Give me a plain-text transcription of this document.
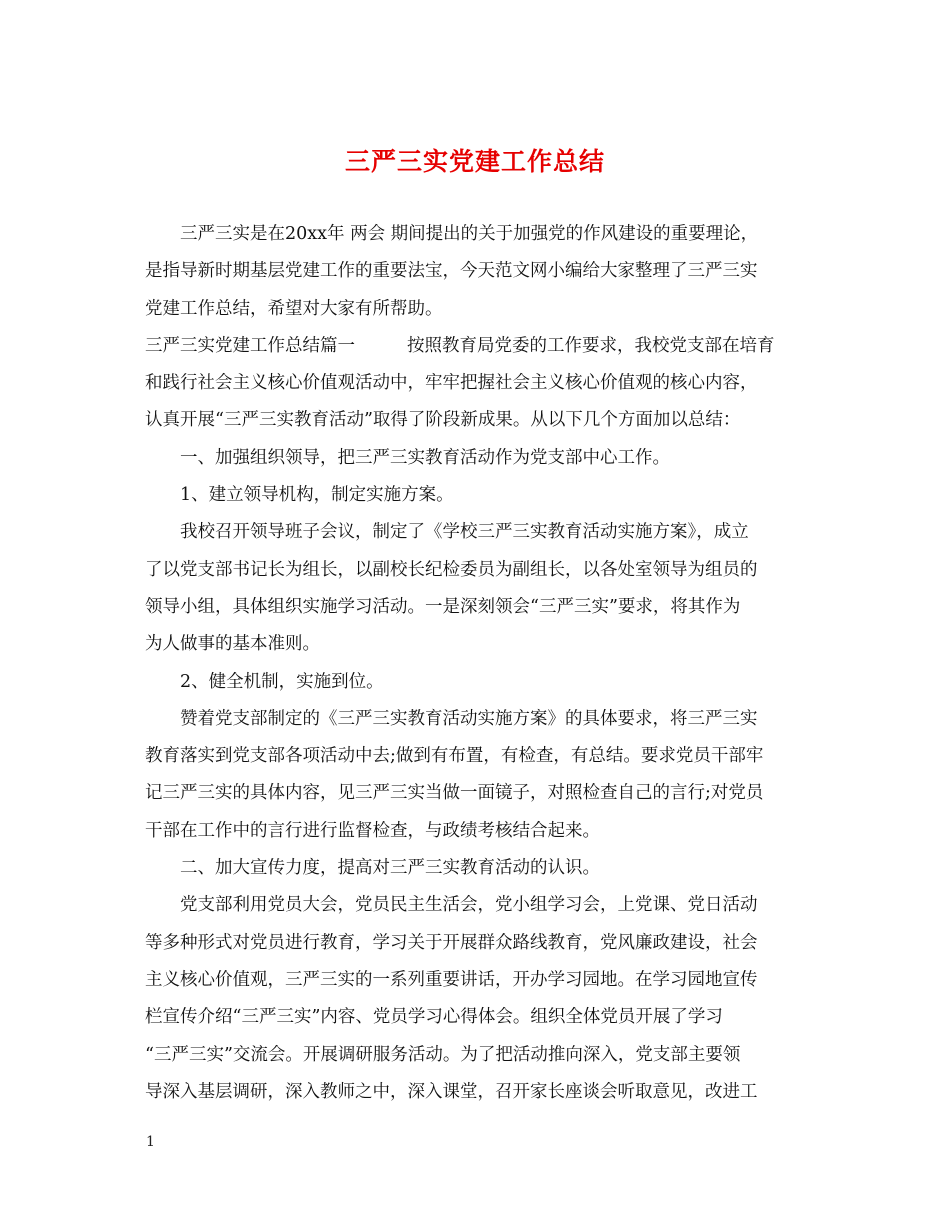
三严三实党建工作总结
三严三实是在20xx年 两会 期间提出的关于加强党的作风建设的重要理论，
是指导新时期基层党建工作的重要法宝，今天范文网小编给大家整理了三严三实
党建工作总结，希望对大家有所帮助。
三严三实党建工作总结篇一	按照教育局党委的工作要求，我校党支部在培育
和践行社会主义核心价值观活动中，牢牢把握社会主义核心价值观的核心内容，
认真开展“三严三实教育活动”取得了阶段新成果。从以下几个方面加以总结：
一、加强组织领导，把三严三实教育活动作为党支部中心工作。
1、建立领导机构，制定实施方案。
我校召开领导班子会议，制定了《学校三严三实教育活动实施方案》，成立
了以党支部书记长为组长，以副校长纪检委员为副组长，以各处室领导为组员的
领导小组，具体组织实施学习活动。一是深刻领会“三严三实”要求，将其作为
为人做事的基本准则。
2、健全机制，实施到位。
赞着党支部制定的《三严三实教育活动实施方案》的具体要求，将三严三实
教育落实到党支部各项活动中去;做到有布置，有检查，有总结。要求党员干部牢
记三严三实的具体内容，见三严三实当做一面镜子，对照检查自己的言行;对党员
干部在工作中的言行进行监督检查，与政绩考核结合起来。
二、加大宣传力度，提高对三严三实教育活动的认识。
党支部利用党员大会，党员民主生活会，党小组学习会，上党课、党日活动
等多种形式对党员进行教育，学习关于开展群众路线教育，党风廉政建设，社会
主义核心价值观，三严三实的一系列重要讲话，开办学习园地。在学习园地宣传
栏宣传介绍“三严三实”内容、党员学习心得体会。组织全体党员开展了学习
“三严三实”交流会。开展调研服务活动。为了把活动推向深入，党支部主要领
导深入基层调研，深入教师之中，深入课堂，召开家长座谈会听取意见，改进工
1
